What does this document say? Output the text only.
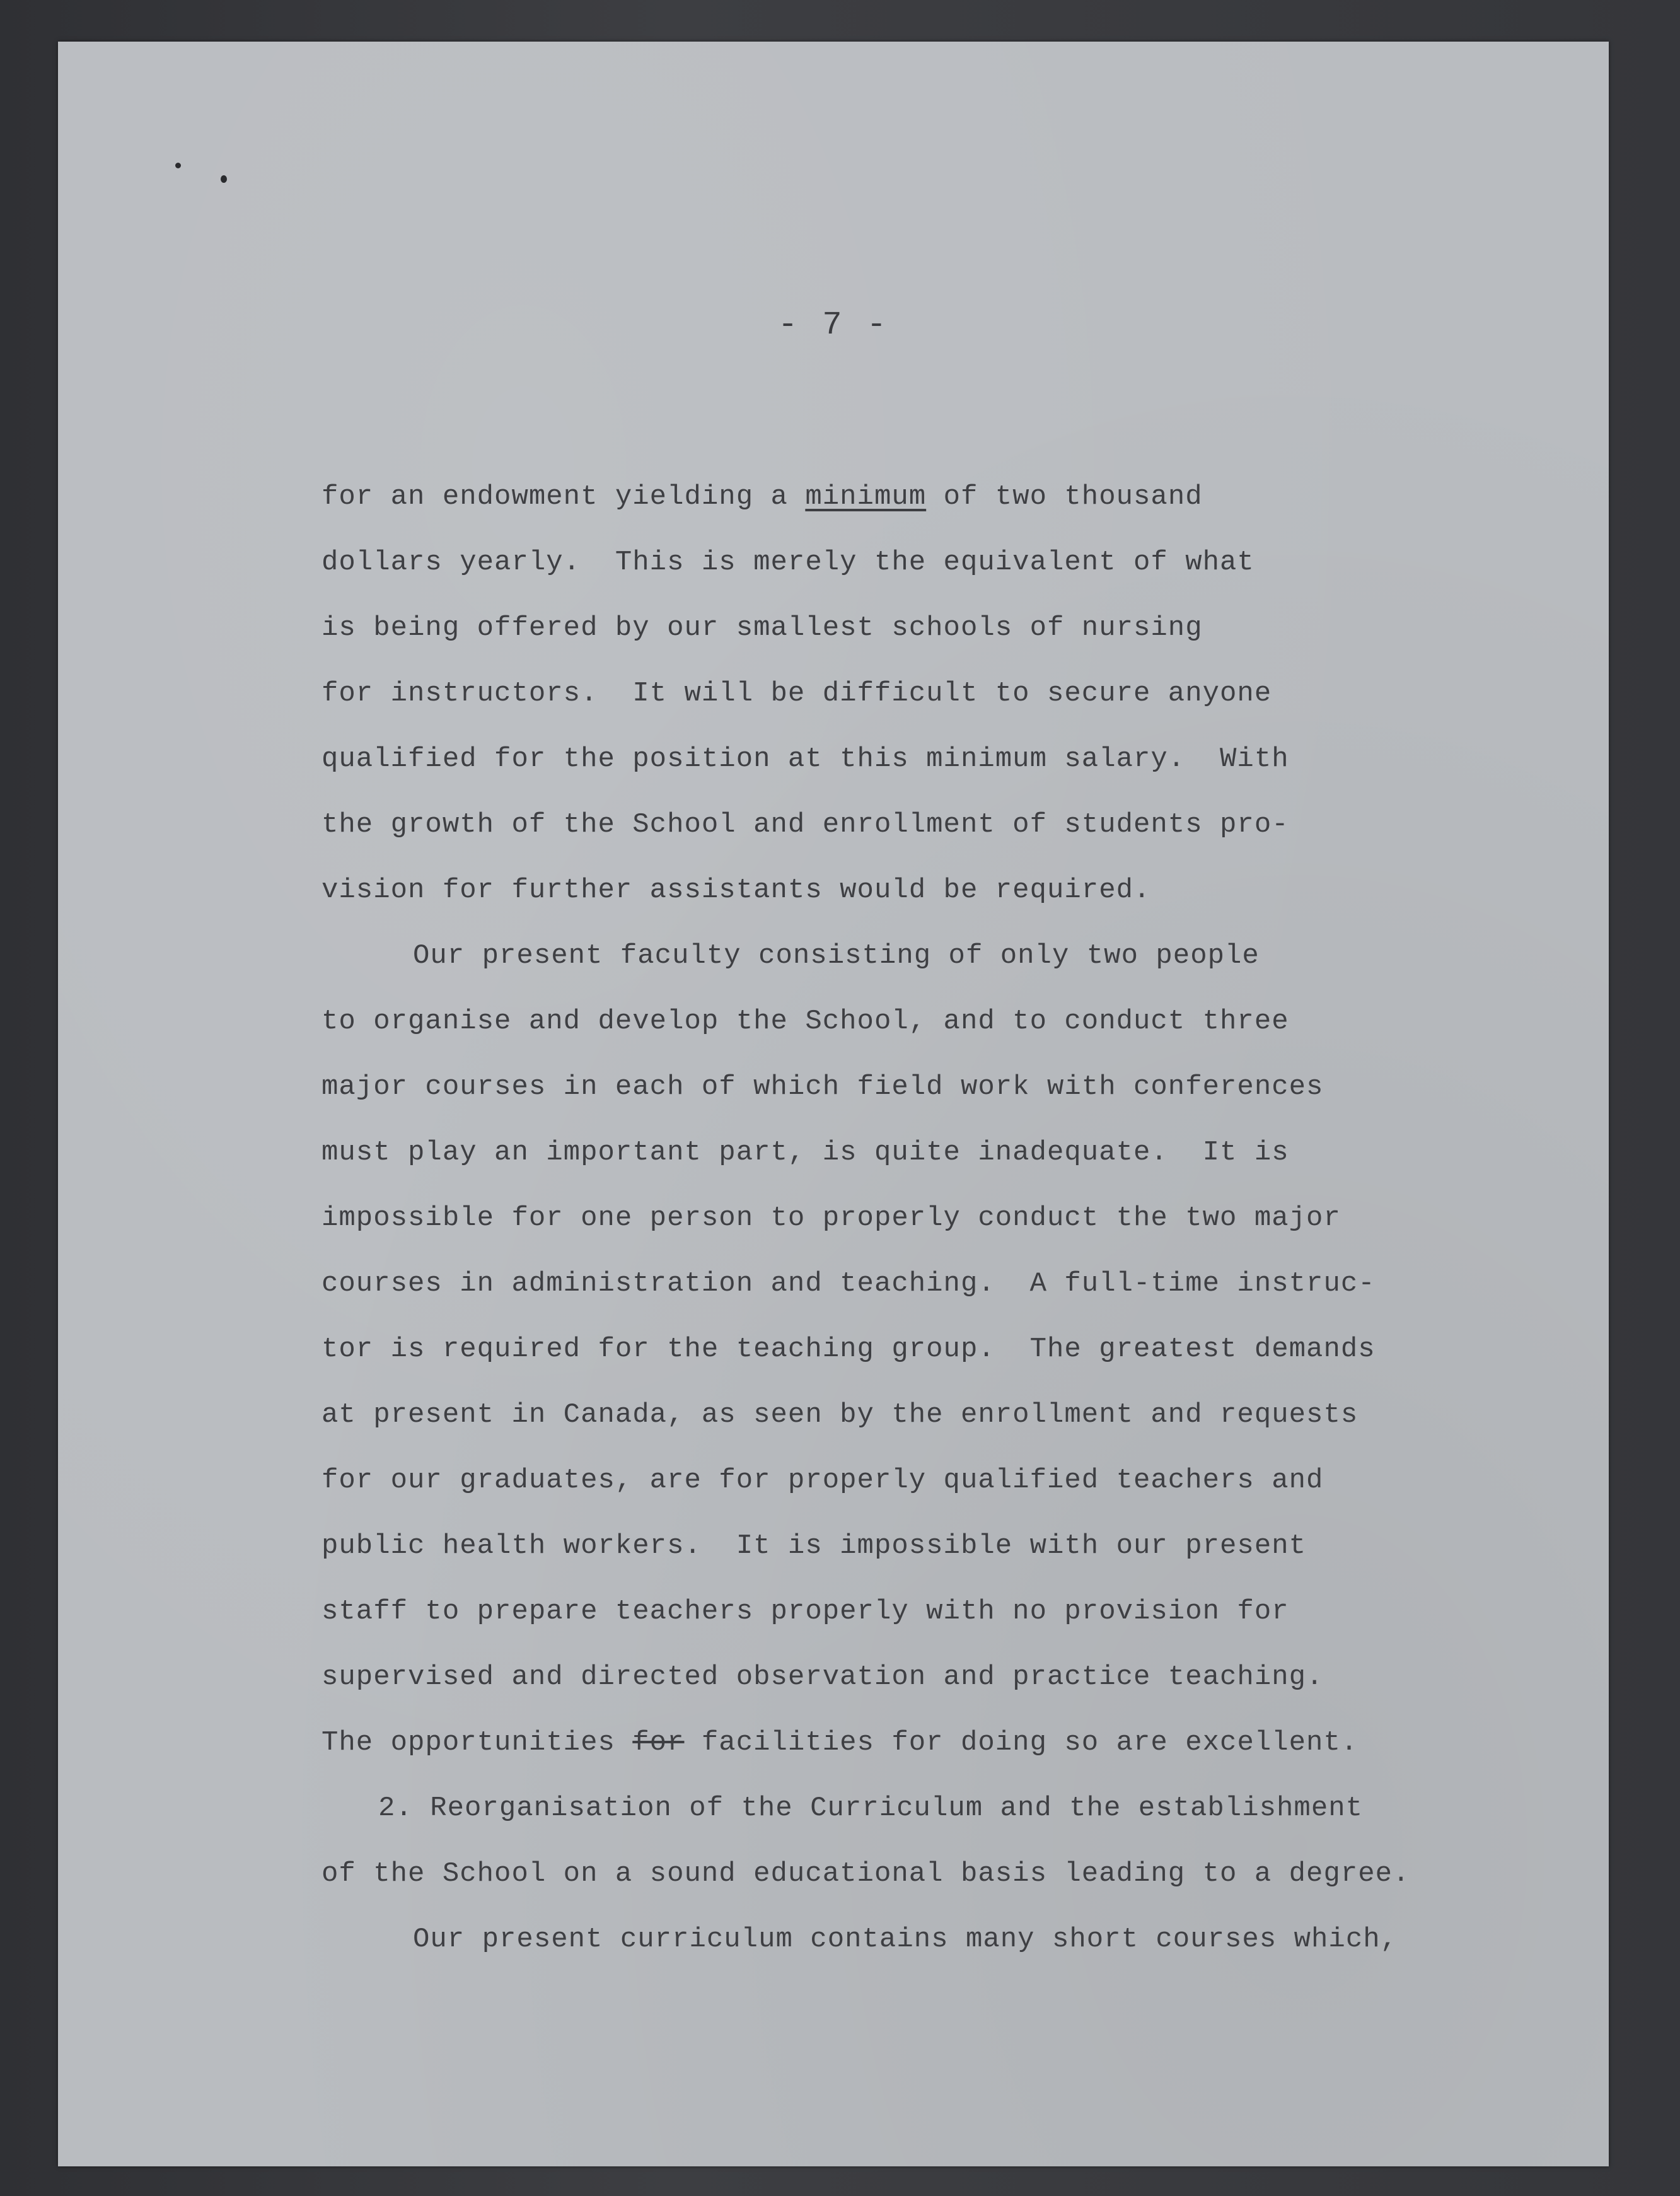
- 7 -
for an endowment yielding a minimum of two thousand
dollars yearly.  This is merely the equivalent of what
is being offered by our smallest schools of nursing
for instructors.  It will be difficult to secure anyone
qualified for the position at this minimum salary.  With
the growth of the School and enrollment of students pro-
vision for further assistants would be required.
Our present faculty consisting of only two people
to organise and develop the School, and to conduct three
major courses in each of which field work with conferences
must play an important part, is quite inadequate.  It is
impossible for one person to properly conduct the two major
courses in administration and teaching.  A full-time instruc-
tor is required for the teaching group.  The greatest demands
at present in Canada, as seen by the enrollment and requests
for our graduates, are for properly qualified teachers and
public health workers.  It is impossible with our present
staff to prepare teachers properly with no provision for
supervised and directed observation and practice teaching.
The opportunities for facilities for doing so are excellent.
2. Reorganisation of the Curriculum and the establishment
of the School on a sound educational basis leading to a degree.
Our present curriculum contains many short courses which,
